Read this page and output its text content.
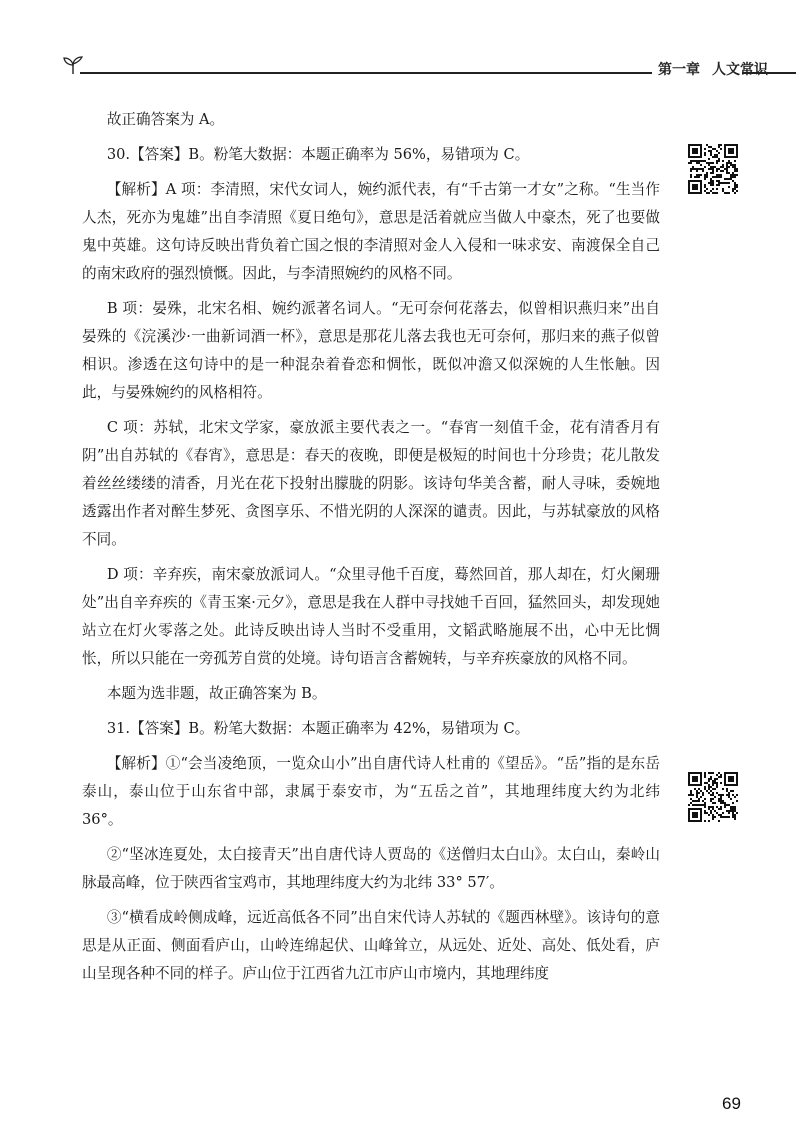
第一章 人文常识

故正确答案为 A。

30.【答案】B。粉笔大数据：本题正确率为 56%，易错项为 C。

【解析】A 项：李清照，宋代女词人，婉约派代表，有“千古第一才女”之称。“生当作人杰，死亦为鬼雄”出自李清照《夏日绝句》，意思是活着就应当做人中豪杰，死了也要做鬼中英雄。这句诗反映出背负着亡国之恨的李清照对金人入侵和一味求安、南渡保全自己的南宋政府的强烈愤慨。因此，与李清照婉约的风格不同。

B 项：晏殊，北宋名相、婉约派著名词人。“无可奈何花落去，似曾相识燕归来”出自晏殊的《浣溪沙·一曲新词酒一杯》，意思是那花儿落去我也无可奈何，那归来的燕子似曾相识。渗透在这句诗中的是一种混杂着眷恋和惆怅，既似冲澹又似深婉的人生怅触。因此，与晏殊婉约的风格相符。

C 项：苏轼，北宋文学家，豪放派主要代表之一。“春宵一刻值千金，花有清香月有阴”出自苏轼的《春宵》，意思是：春天的夜晚，即便是极短的时间也十分珍贵；花儿散发着丝丝缕缕的清香，月光在花下投射出朦胧的阴影。该诗句华美含蓄，耐人寻味，委婉地透露出作者对醉生梦死、贪图享乐、不惜光阴的人深深的谴责。因此，与苏轼豪放的风格不同。

D 项：辛弃疾，南宋豪放派词人。“众里寻他千百度，蓦然回首，那人却在，灯火阑珊处”出自辛弃疾的《青玉案·元夕》，意思是我在人群中寻找她千百回，猛然回头，却发现她站立在灯火零落之处。此诗反映出诗人当时不受重用，文韬武略施展不出，心中无比惆怅，所以只能在一旁孤芳自赏的处境。诗句语言含蓄婉转，与辛弃疾豪放的风格不同。

本题为选非题，故正确答案为 B。

31.【答案】B。粉笔大数据：本题正确率为 42%，易错项为 C。

【解析】①“会当凌绝顶，一览众山小”出自唐代诗人杜甫的《望岳》。“岳”指的是东岳泰山，泰山位于山东省中部，隶属于泰安市，为“五岳之首”，其地理纬度大约为北纬 36°。

②“坚冰连夏处，太白接青天”出自唐代诗人贾岛的《送僧归太白山》。太白山，秦岭山脉最高峰，位于陕西省宝鸡市，其地理纬度大约为北纬 33° 57′。

③“横看成岭侧成峰，远近高低各不同”出自宋代诗人苏轼的《题西林壁》。该诗句的意思是从正面、侧面看庐山，山岭连绵起伏、山峰耸立，从远处、近处、高处、低处看，庐山呈现各种不同的样子。庐山位于江西省九江市庐山市境内，其地理纬度

69
